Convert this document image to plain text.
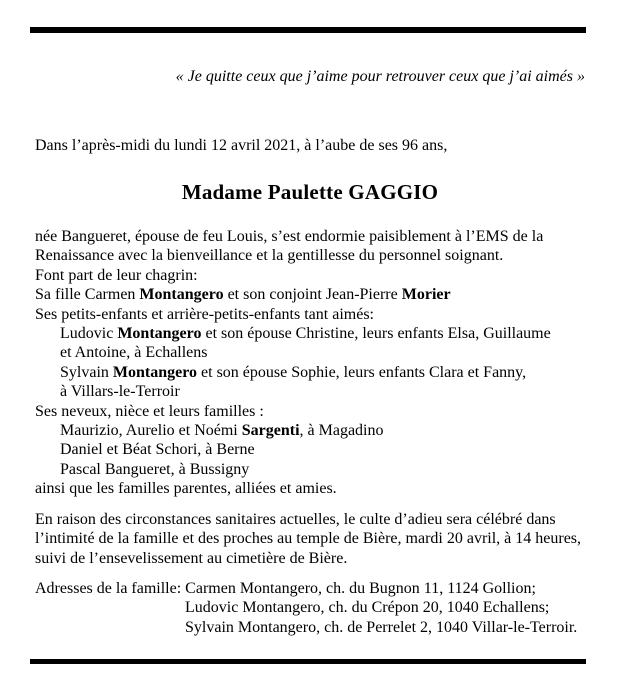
« Je quitte ceux que j’aime pour retrouver ceux que j’ai aimés »
Dans l’après-midi du lundi 12 avril 2021, à l’aube de ses 96 ans,
Madame Paulette GAGGIO
née Bangueret, épouse de feu Louis, s’est endormie paisiblement à l’EMS de la
Renaissance avec la bienveillance et la gentillesse du personnel soignant.
Font part de leur chagrin:
Sa fille Carmen Montangero et son conjoint Jean-Pierre Morier
Ses petits-enfants et arrière-petits-enfants tant aimés:
Ludovic Montangero et son épouse Christine, leurs enfants Elsa, Guillaume
et Antoine, à Echallens
Sylvain Montangero et son épouse Sophie, leurs enfants Clara et Fanny,
à Villars-le-Terroir
Ses neveux, nièce et leurs familles :
Maurizio, Aurelio et Noémi Sargenti, à Magadino
Daniel et Béat Schori, à Berne
Pascal Bangueret, à Bussigny
ainsi que les familles parentes, alliées et amies.
En raison des circonstances sanitaires actuelles, le culte d’adieu sera célébré dans
l’intimité de la famille et des proches au temple de Bière, mardi 20 avril, à 14 heures,
suivi de l’ensevelissement au cimetière de Bière.
Adresses de la famille: Carmen Montangero, ch. du Bugnon 11, 1124 Gollion;
Ludovic Montangero, ch. du Crépon 20, 1040 Echallens;
Sylvain Montangero, ch. de Perrelet 2, 1040 Villar-le-Terroir.
